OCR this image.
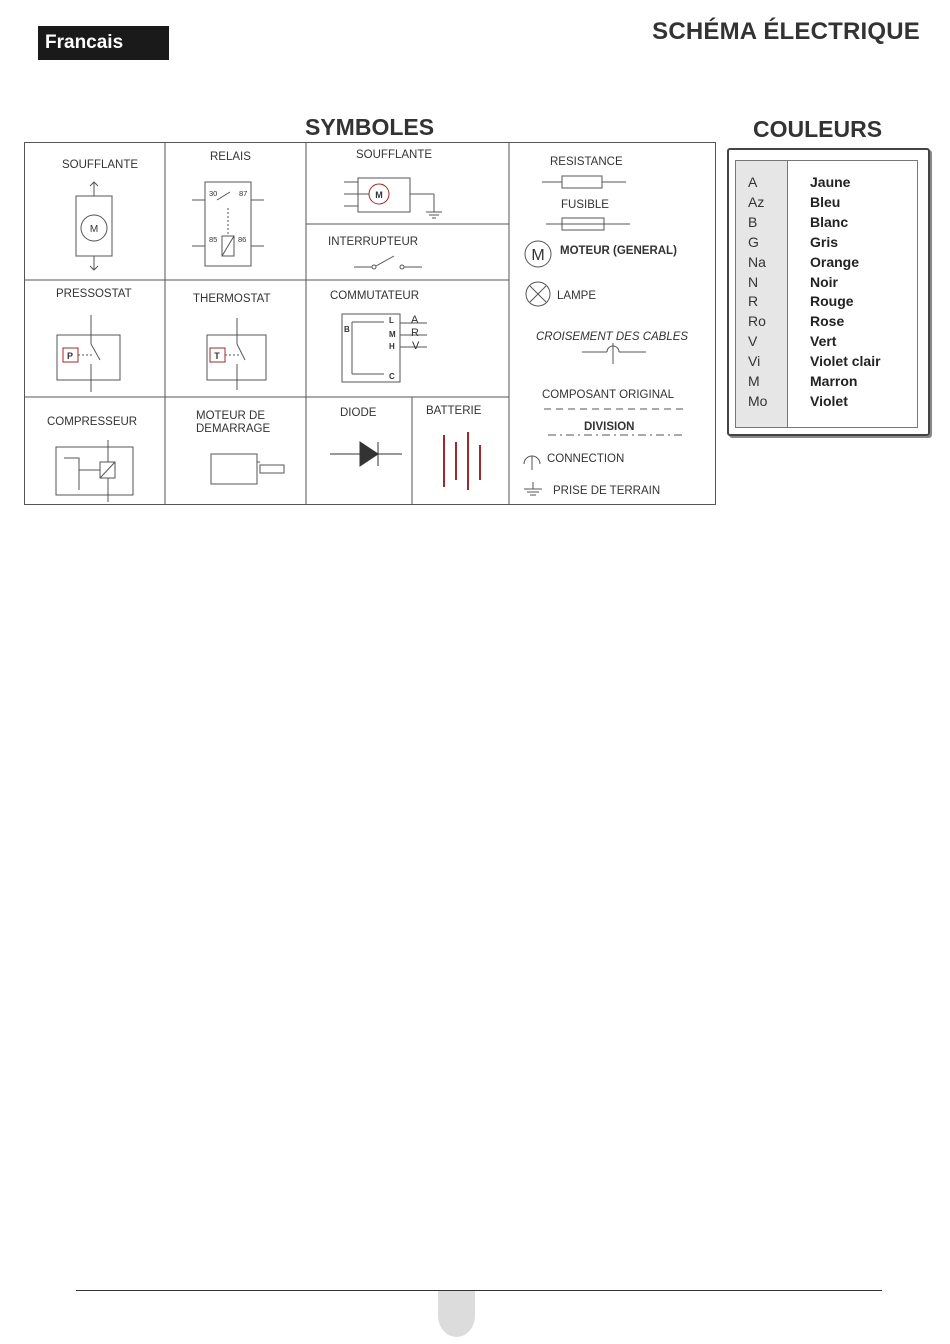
Francais	SCHÉMA ÉLECTRIQUE
SYMBOLES	COULEURS
SOUFFLANTE
RELAIS	SOUFFLANTE
INTERRUPTEUR
PRESSOSTAT	THERMOSTAT	COMMUTATEUR
COMPRESSEUR	MOTEUR DE
DEMARRAGE
DIODE	BATTERIE
RESISTANCE
FUSIBLE
MOTEUR (GENERAL)
LAMPE
CROISEMENT DES CABLES
COMPOSANT ORIGINAL
DIVISION
CONNECTION
PRISE DE TERRAIN
M
30	87
85	86
M
P	T
B
L
M
H
C
A
R
V
M
A	Jaune
Az	Bleu
B	Blanc
G	Gris
Na	Orange
N	Noir
R	Rouge
Ro	Rose
V	Vert
Vi	Violet clair
M	Marron
Mo	Violet
